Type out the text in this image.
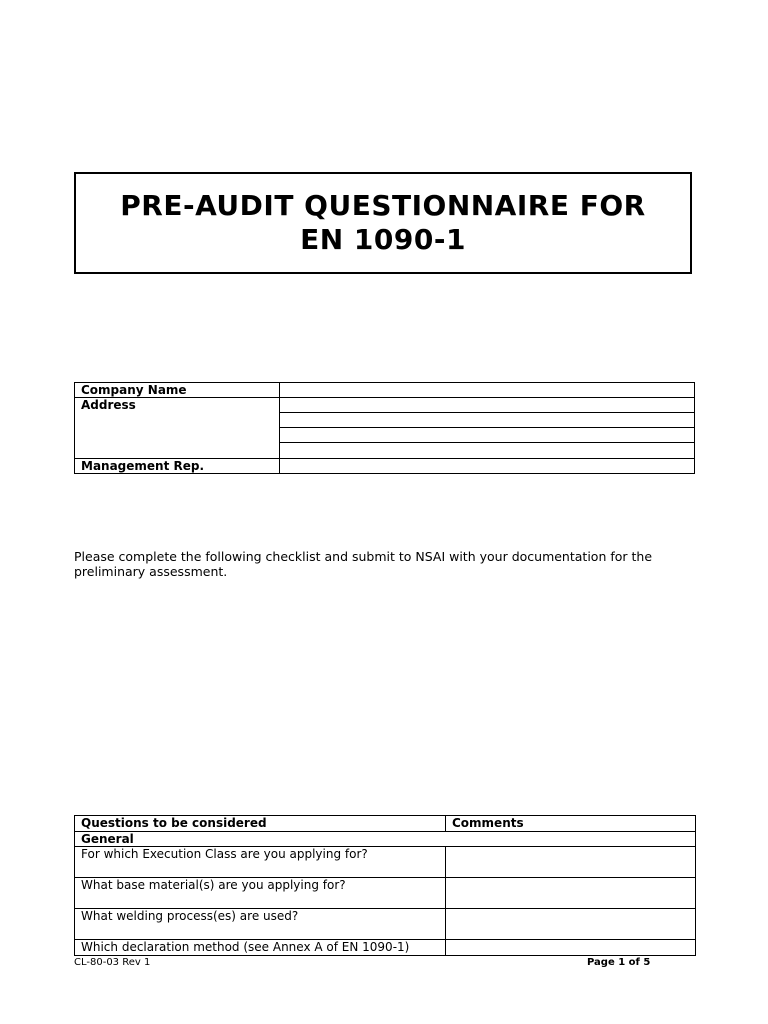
PRE-AUDIT QUESTIONNAIRE FOR
EN 1090-1
Company Name	
Address	

Management Rep.	
Please complete the following checklist and submit to NSAI with your documentation for the preliminary assessment.
Questions to be considered	Comments
General	
For which Execution Class are you applying for?	
What base material(s) are you applying for?	
What welding process(es) are used?	
Which declaration method (see Annex A of EN 1090-1)	
CL-80-03 Rev 1	Page 1 of 5
